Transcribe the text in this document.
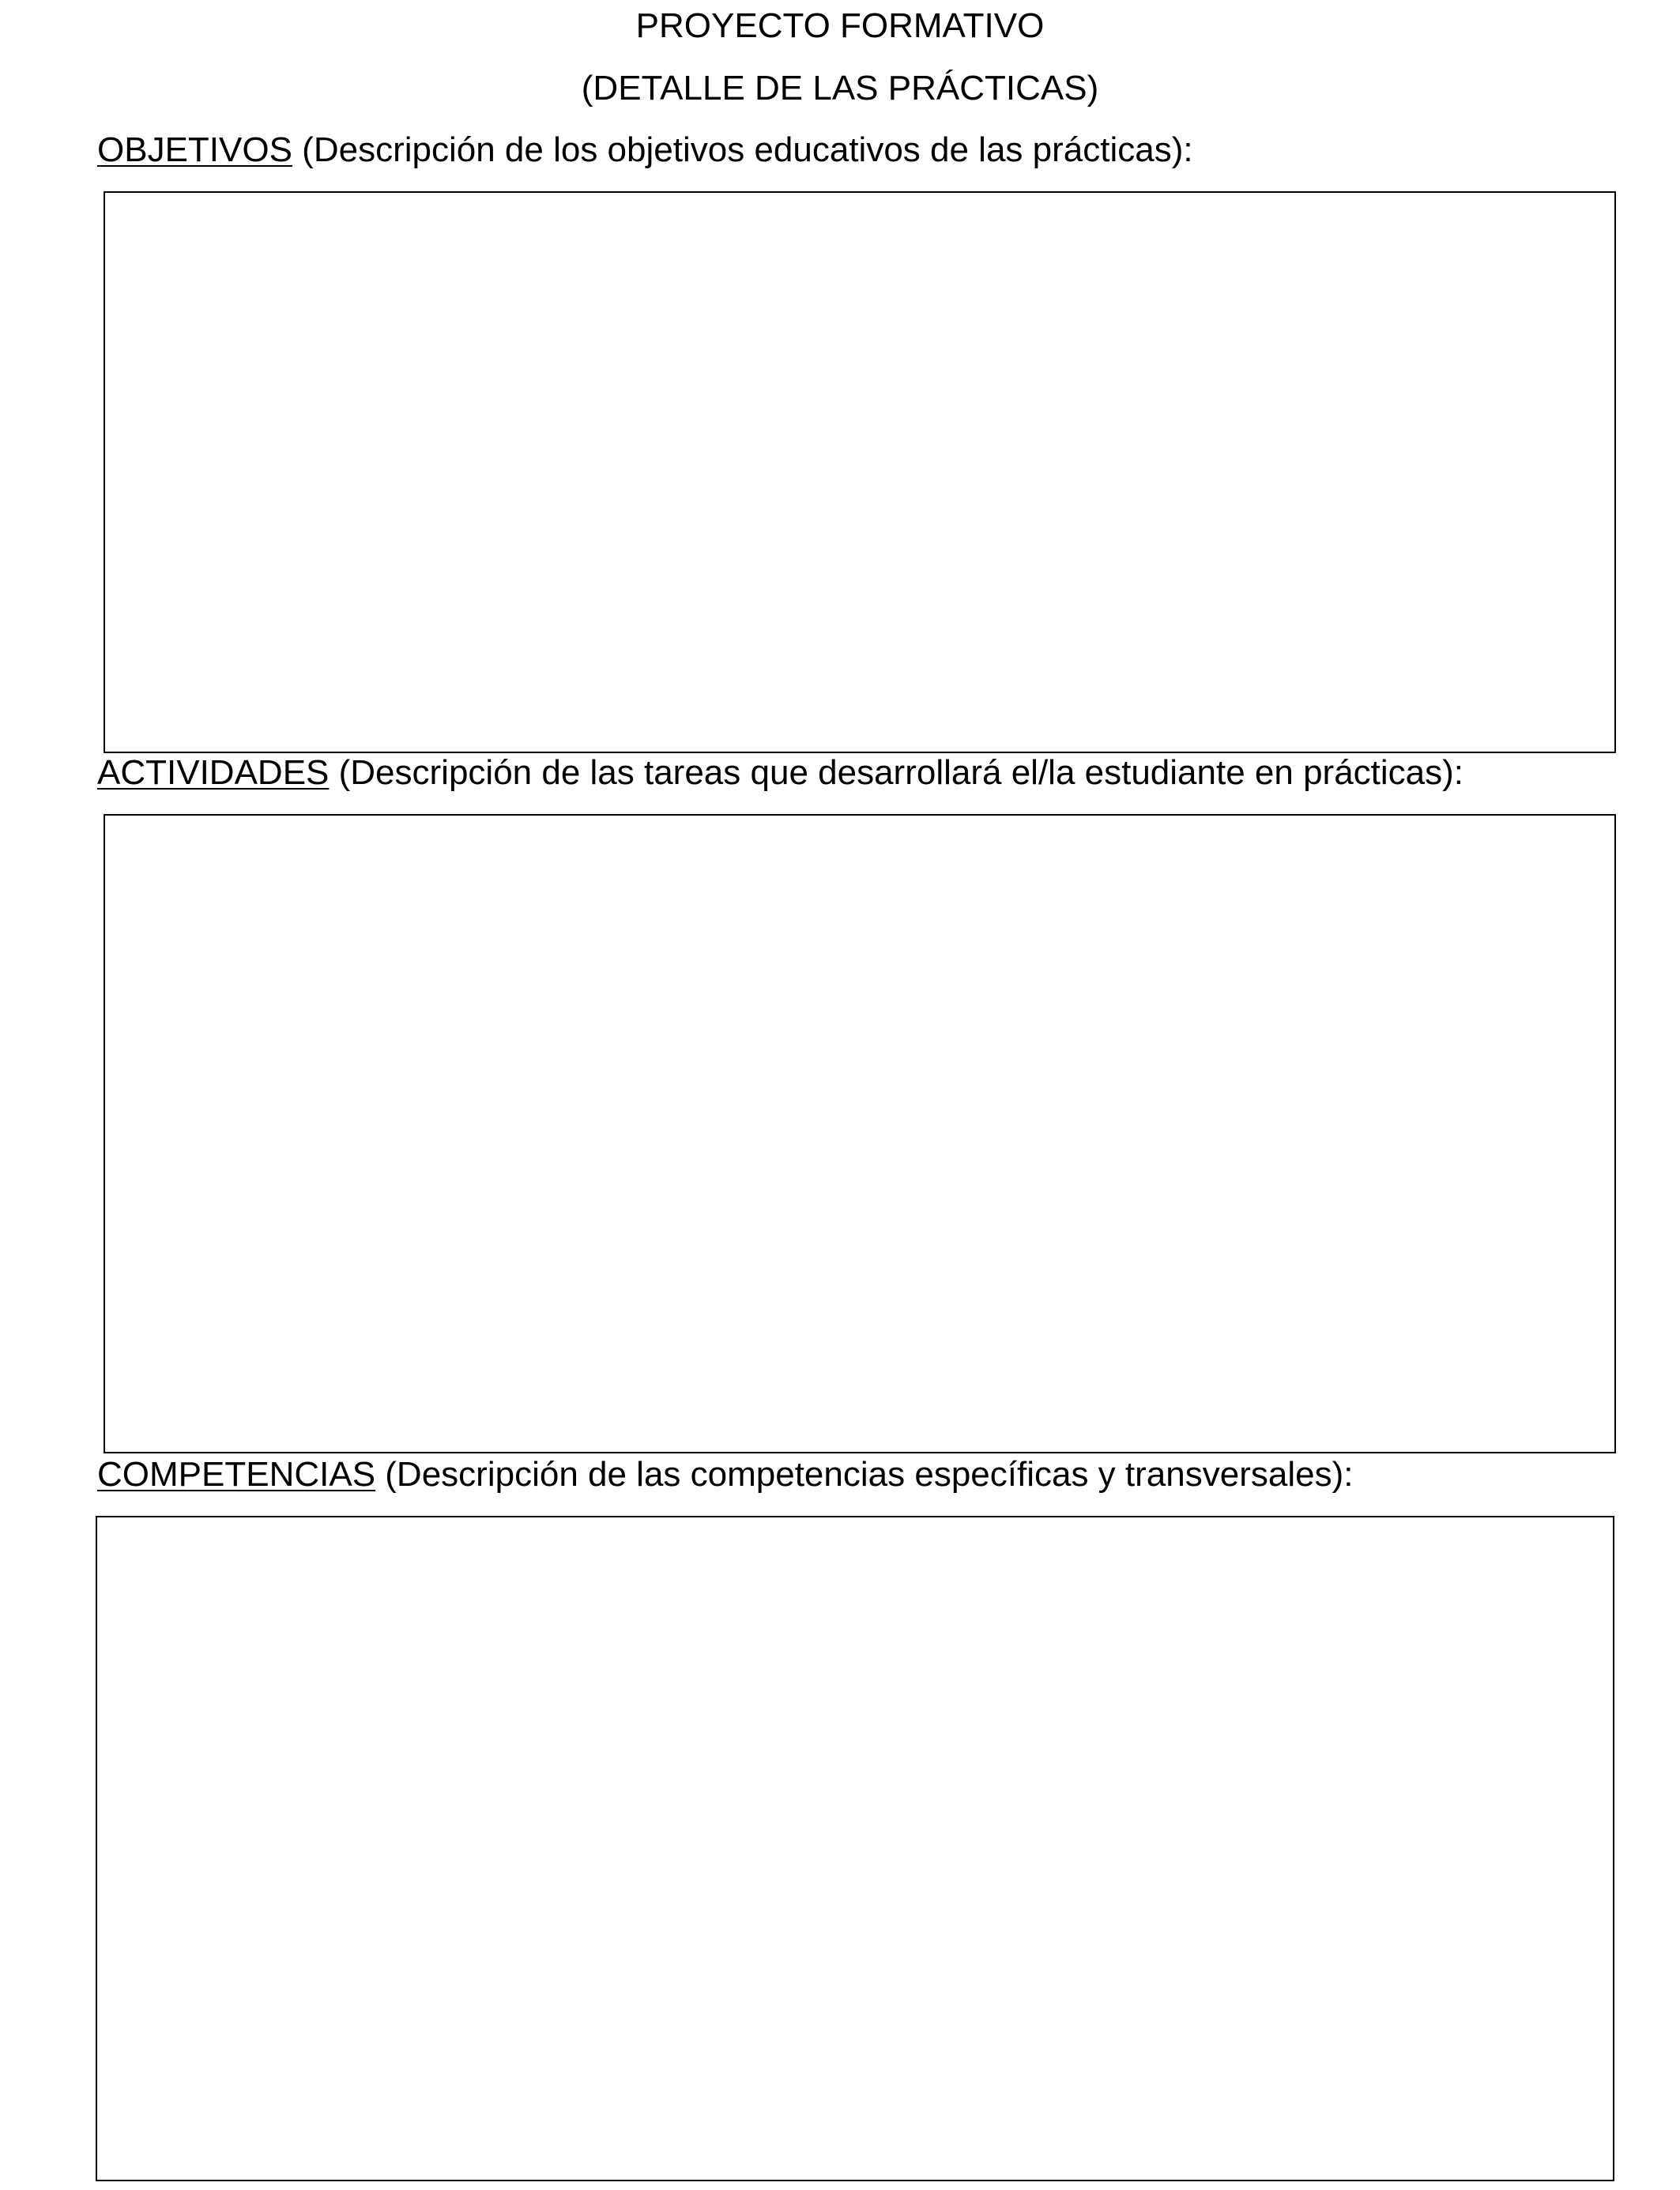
PROYECTO FORMATIVO
(DETALLE DE LAS PRÁCTICAS)
OBJETIVOS (Descripción de los objetivos educativos de las prácticas):
ACTIVIDADES (Descripción de las tareas que desarrollará el/la estudiante en prácticas):
COMPETENCIAS (Descripción de las competencias específicas y transversales):
